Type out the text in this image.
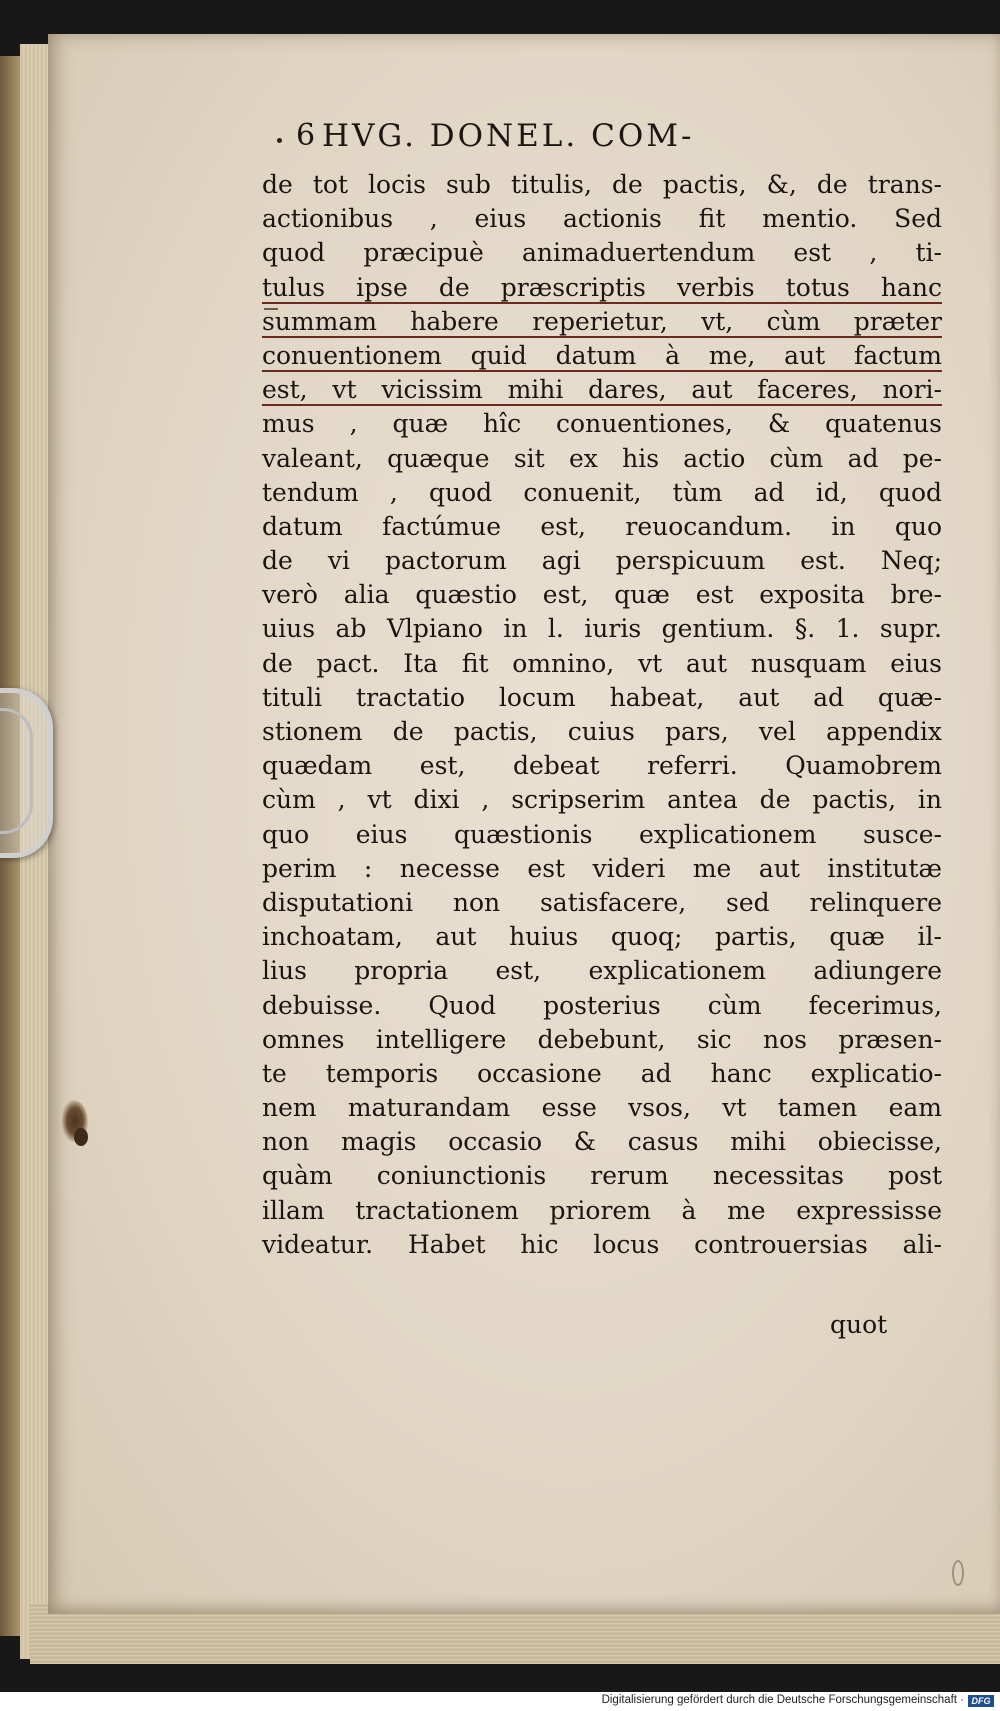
6 HVG. DONEL. COM-
de tot locis sub titulis, de pactis, &, de trans-
actionibus , eius actionis fit mentio. Sed
quod præcipuè animaduertendum est , ti-
tulus ipse de præscriptis verbis totus hanc
summam habere reperietur, vt, cùm præter
conuentionem quid datum à me, aut factum
est, vt vicissim mihi dares, aut faceres, nori-
mus , quæ hîc conuentiones, & quatenus
valeant, quæque sit ex his actio cùm ad pe-
tendum , quod conuenit, tùm ad id, quod
datum factúmue est, reuocandum. in quo
de vi pactorum agi perspicuum est. Neq;
verò alia quæstio est, quæ est exposita bre-
uius ab Vlpiano in l. iuris gentium. §. 1. supr.
de pact. Ita fit omnino, vt aut nusquam eius
tituli tractatio locum habeat, aut ad quæ-
stionem de pactis, cuius pars, vel appendix
quædam est, debeat referri. Quamobrem
cùm , vt dixi , scripserim antea de pactis, in
quo eius quæstionis explicationem susce-
perim : necesse est videri me aut institutæ
disputationi non satisfacere, sed relinquere
inchoatam, aut huius quoq; partis, quæ il-
lius propria est, explicationem adiungere
debuisse. Quod posterius cùm fecerimus,
omnes intelligere debebunt, sic nos præsen-
te temporis occasione ad hanc explicatio-
nem maturandam esse vsos, vt tamen eam
non magis occasio & casus mihi obiecisse,
quàm coniunctionis rerum necessitas post
illam tractationem priorem à me expressisse
videatur. Habet hic locus controuersias ali-
quot
Digitalisierung gefördert durch die Deutsche Forschungsgemeinschaft · DFG
